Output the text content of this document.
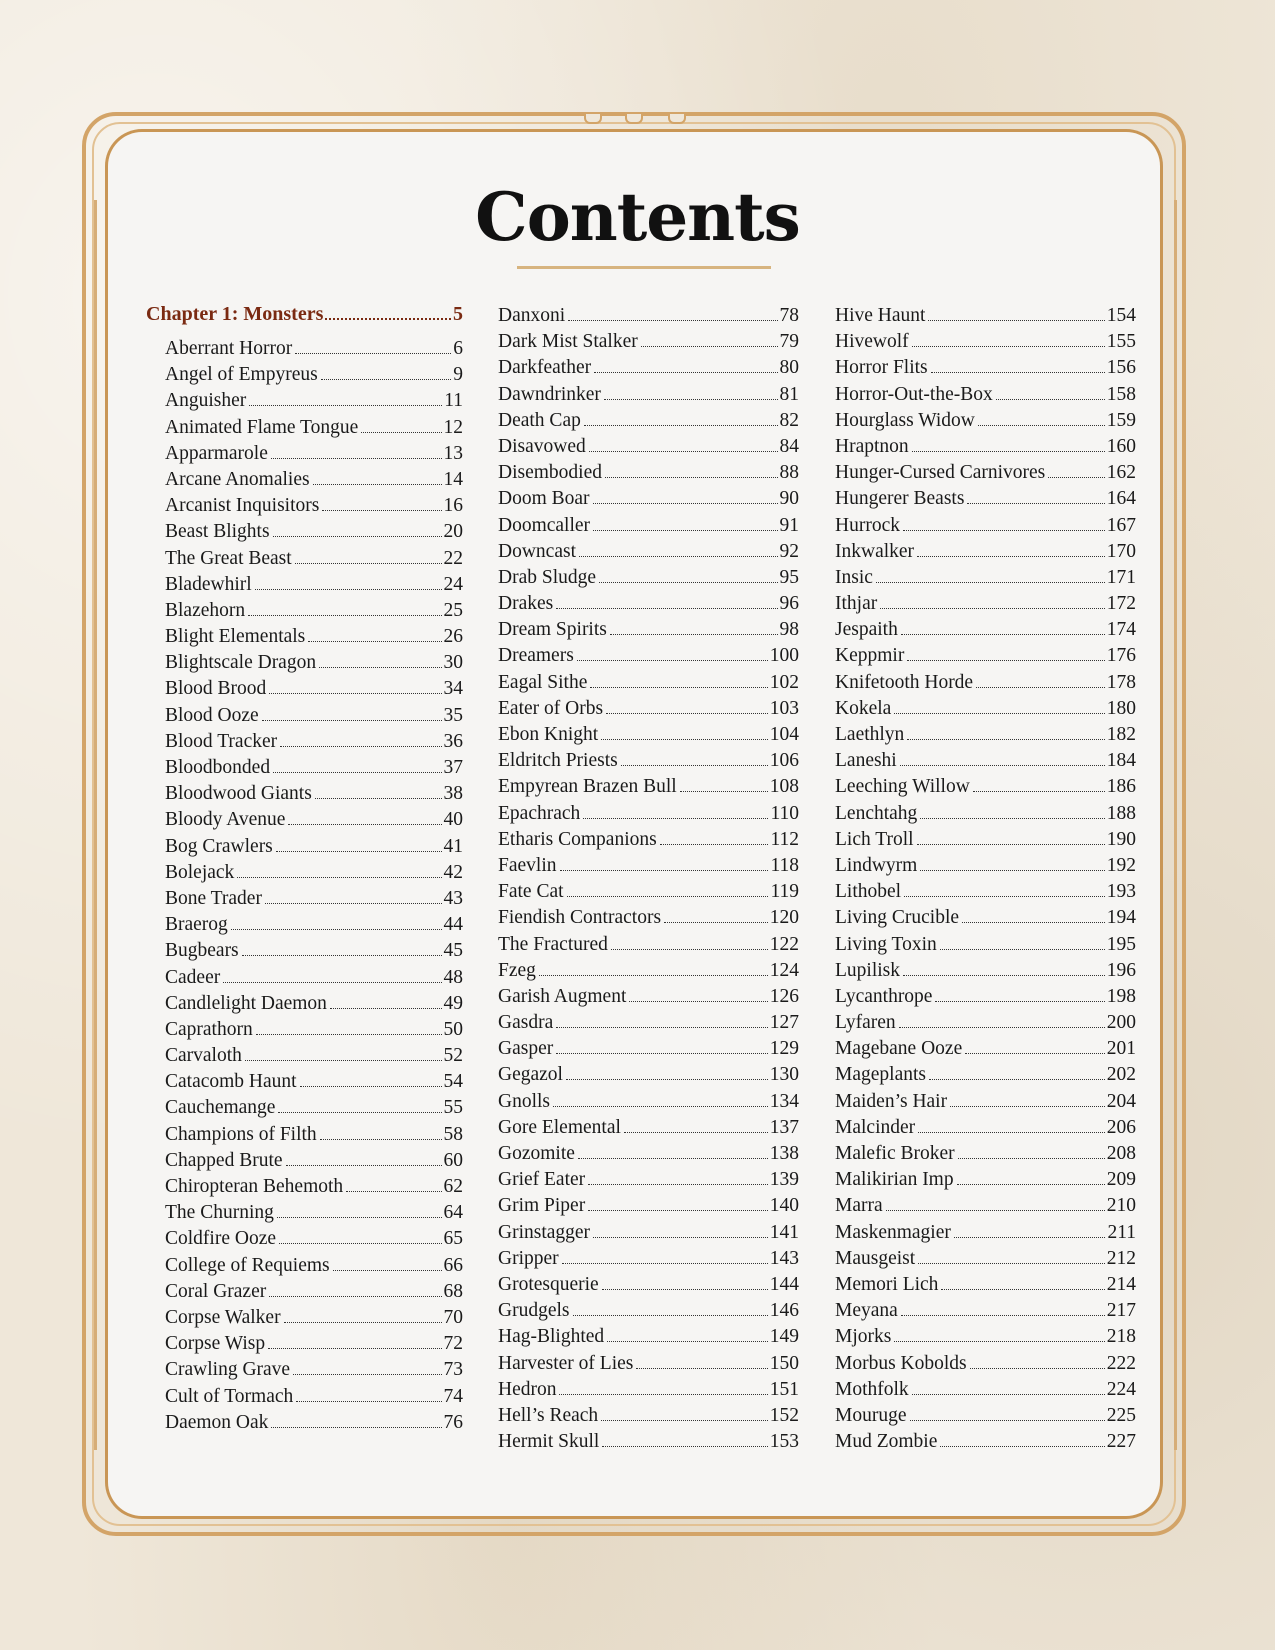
Contents
Chapter 1: Monsters	5
Aberrant Horror	6
Angel of Empyreus	9
Anguisher	11
Animated Flame Tongue	12
Apparmarole	13
Arcane Anomalies	14
Arcanist Inquisitors	16
Beast Blights	20
The Great Beast	22
Bladewhirl	24
Blazehorn	25
Blight Elementals	26
Blightscale Dragon	30
Blood Brood	34
Blood Ooze	35
Blood Tracker	36
Bloodbonded	37
Bloodwood Giants	38
Bloody Avenue	40
Bog Crawlers	41
Bolejack	42
Bone Trader	43
Braerog	44
Bugbears	45
Cadeer	48
Candlelight Daemon	49
Caprathorn	50
Carvaloth	52
Catacomb Haunt	54
Cauchemange	55
Champions of Filth	58
Chapped Brute	60
Chiropteran Behemoth	62
The Churning	64
Coldfire Ooze	65
College of Requiems	66
Coral Grazer	68
Corpse Walker	70
Corpse Wisp	72
Crawling Grave	73
Cult of Tormach	74
Daemon Oak	76
Danxoni	78
Dark Mist Stalker	79
Darkfeather	80
Dawndrinker	81
Death Cap	82
Disavowed	84
Disembodied	88
Doom Boar	90
Doomcaller	91
Downcast	92
Drab Sludge	95
Drakes	96
Dream Spirits	98
Dreamers	100
Eagal Sithe	102
Eater of Orbs	103
Ebon Knight	104
Eldritch Priests	106
Empyrean Brazen Bull	108
Epachrach	110
Etharis Companions	112
Faevlin	118
Fate Cat	119
Fiendish Contractors	120
The Fractured	122
Fzeg	124
Garish Augment	126
Gasdra	127
Gasper	129
Gegazol	130
Gnolls	134
Gore Elemental	137
Gozomite	138
Grief Eater	139
Grim Piper	140
Grinstagger	141
Gripper	143
Grotesquerie	144
Grudgels	146
Hag-Blighted	149
Harvester of Lies	150
Hedron	151
Hell’s Reach	152
Hermit Skull	153
Hive Haunt	154
Hivewolf	155
Horror Flits	156
Horror-Out-the-Box	158
Hourglass Widow	159
Hraptnon	160
Hunger-Cursed Carnivores	162
Hungerer Beasts	164
Hurrock	167
Inkwalker	170
Insic	171
Ithjar	172
Jespaith	174
Keppmir	176
Knifetooth Horde	178
Kokela	180
Laethlyn	182
Laneshi	184
Leeching Willow	186
Lenchtahg	188
Lich Troll	190
Lindwyrm	192
Lithobel	193
Living Crucible	194
Living Toxin	195
Lupilisk	196
Lycanthrope	198
Lyfaren	200
Magebane Ooze	201
Mageplants	202
Maiden’s Hair	204
Malcinder	206
Malefic Broker	208
Malikirian Imp	209
Marra	210
Maskenmagier	211
Mausgeist	212
Memori Lich	214
Meyana	217
Mjorks	218
Morbus Kobolds	222
Mothfolk	224
Mouruge	225
Mud Zombie	227
